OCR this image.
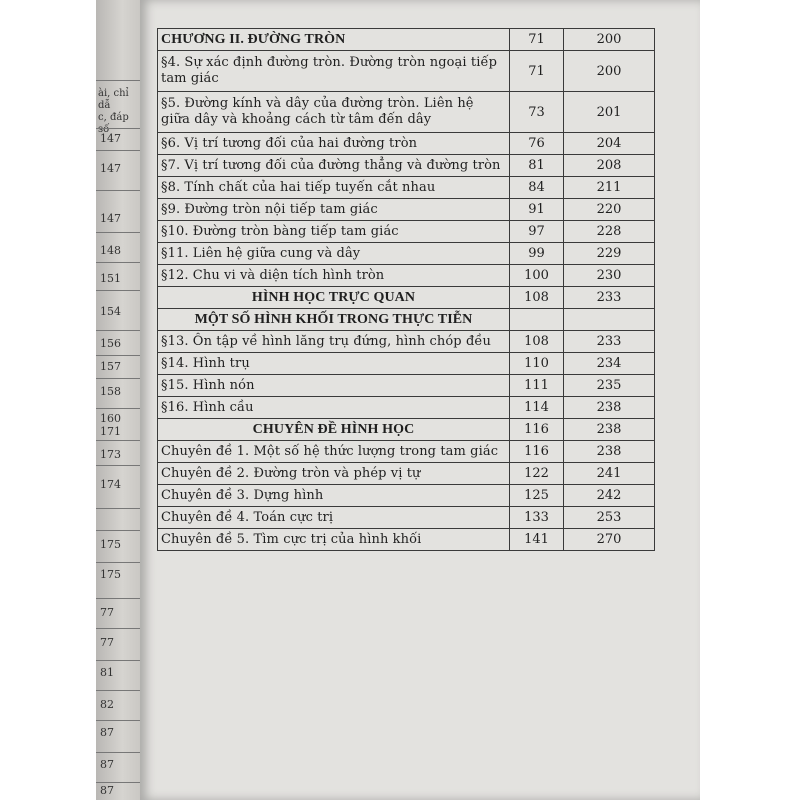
ài, chỉ dẫ
c, đáp số
147
147
147
148
151
154
156
157
158
160
171
173
174
175
175
77
77
81
82
87
87
87
CHƯƠNG II. ĐƯỜNG TRÒN	71	200
§4. Sự xác định đường tròn. Đường tròn ngoại tiếp tam giác	71	200
§5. Đường kính và dây của đường tròn. Liên hệ giữa dây và khoảng cách từ tâm đến dây	73	201
§6. Vị trí tương đối của hai đường tròn	76	204
§7. Vị trí tương đối của đường thẳng và đường tròn	81	208
§8. Tính chất của hai tiếp tuyến cắt nhau	84	211
§9. Đường tròn nội tiếp tam giác	91	220
§10. Đường tròn bàng tiếp tam giác	97	228
§11. Liên hệ giữa cung và dây	99	229
§12. Chu vi và diện tích hình tròn	100	230
HÌNH HỌC TRỰC QUAN	108	233
MỘT SỐ HÌNH KHỐI TRONG THỰC TIỄN		
§13. Ôn tập về hình lăng trụ đứng, hình chóp đều	108	233
§14. Hình trụ	110	234
§15. Hình nón	111	235
§16. Hình cầu	114	238
CHUYÊN ĐỀ HÌNH HỌC	116	238
Chuyên đề 1. Một số hệ thức lượng trong tam giác	116	238
Chuyên đề 2. Đường tròn và phép vị tự	122	241
Chuyên đề 3. Dựng hình	125	242
Chuyên đề 4. Toán cực trị	133	253
Chuyên đề 5. Tìm cực trị của hình khối	141	270
